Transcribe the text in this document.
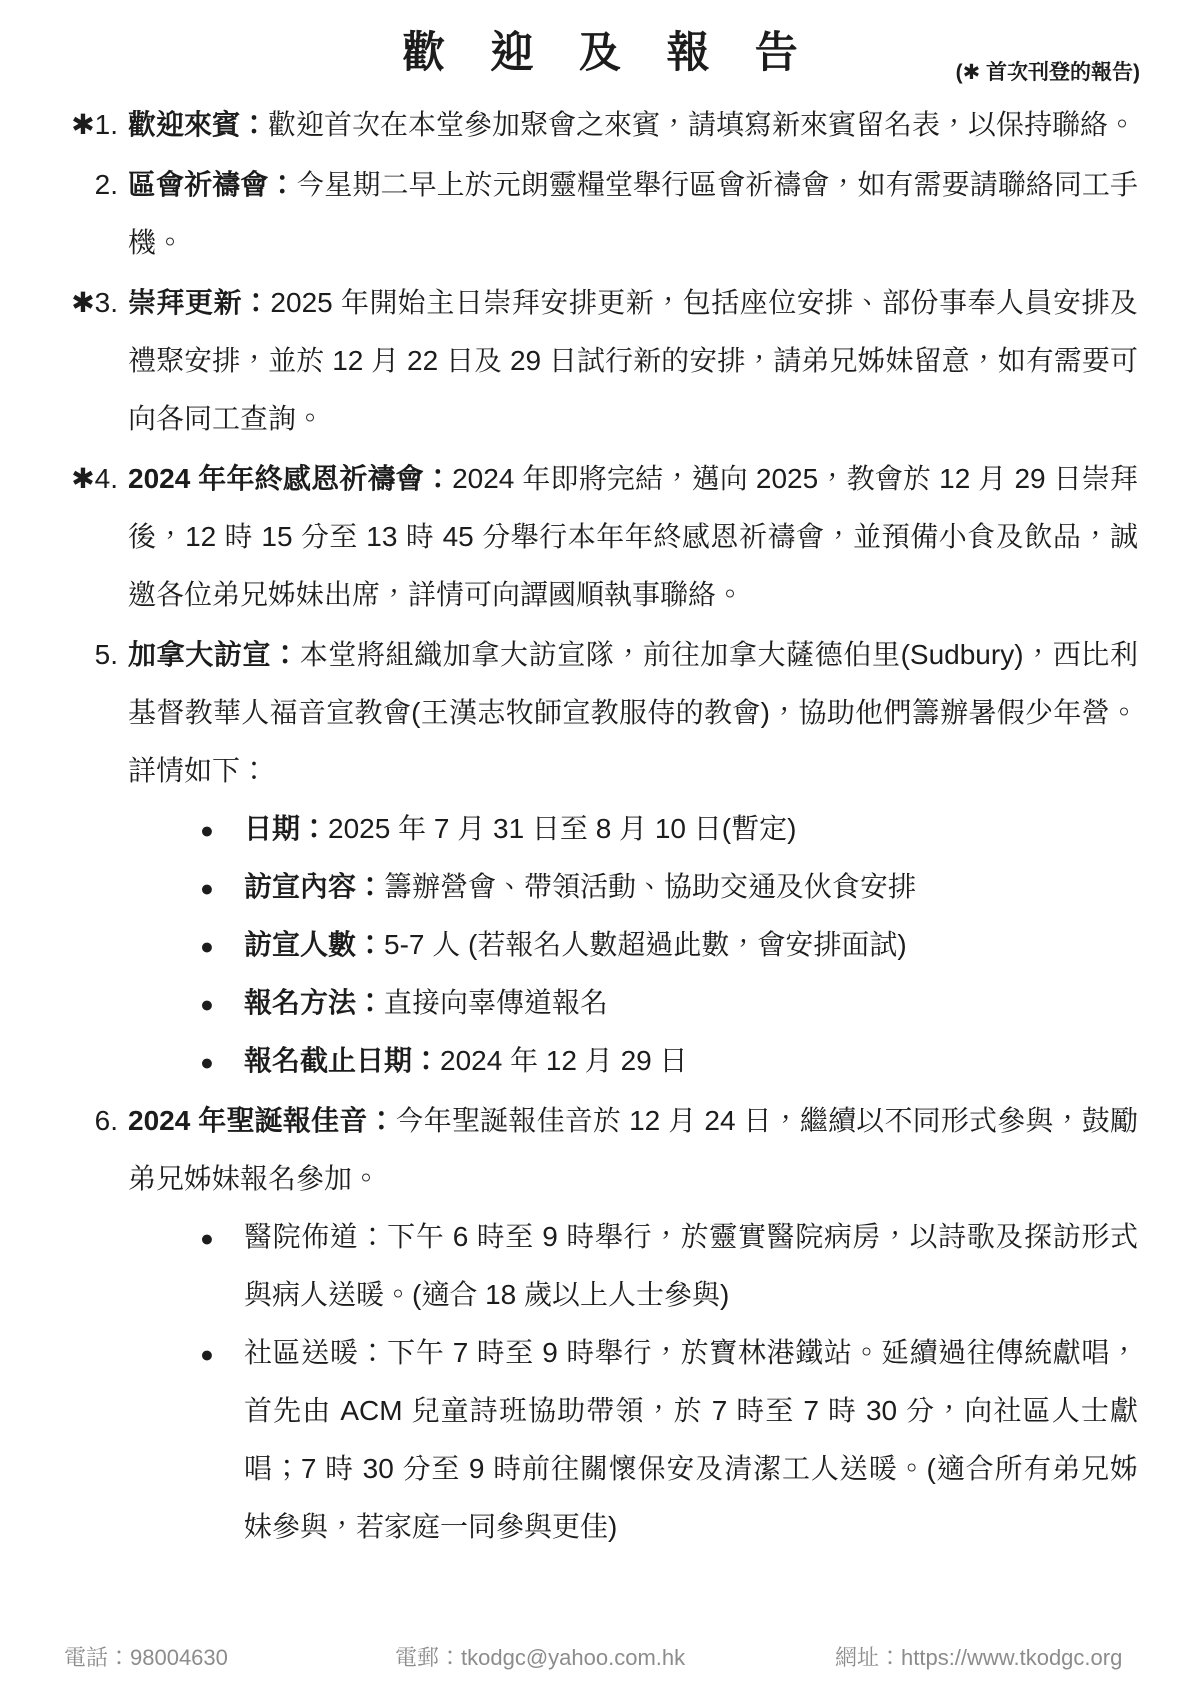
歡迎及報告	(✱ 首次刊登的報告)
✱1. 歡迎來賓：歡迎首次在本堂參加聚會之來賓，請填寫新來賓留名表，以保持聯絡。
2. 區會祈禱會：今星期二早上於元朗靈糧堂舉行區會祈禱會，如有需要請聯絡同工手機。
✱3. 崇拜更新：2025 年開始主日崇拜安排更新，包括座位安排、部份事奉人員安排及禮聚安排，並於 12 月 22 日及 29 日試行新的安排，請弟兄姊妹留意，如有需要可向各同工查詢。
✱4. 2024 年年終感恩祈禱會：2024 年即將完結，邁向 2025，教會於 12 月 29 日崇拜後，12 時 15 分至 13 時 45 分舉行本年年終感恩祈禱會，並預備小食及飲品，誠邀各位弟兄姊妹出席，詳情可向譚國順執事聯絡。
5. 加拿大訪宣：本堂將組織加拿大訪宣隊，前往加拿大薩德伯里(Sudbury)，西比利基督教華人福音宣教會(王漢志牧師宣教服侍的教會)，協助他們籌辦暑假少年營。詳情如下：
● 日期：2025 年 7 月 31 日至 8 月 10 日(暫定)
● 訪宣內容：籌辦營會、帶領活動、協助交通及伙食安排
● 訪宣人數：5-7 人 (若報名人數超過此數，會安排面試)
● 報名方法：直接向辜傳道報名
● 報名截止日期：2024 年 12 月 29 日
6. 2024 年聖誕報佳音：今年聖誕報佳音於 12 月 24 日，繼續以不同形式參與，鼓勵弟兄姊妹報名參加。
● 醫院佈道：下午 6 時至 9 時舉行，於靈實醫院病房，以詩歌及探訪形式與病人送暖。(適合 18 歲以上人士參與)
● 社區送暖：下午 7 時至 9 時舉行，於寶林港鐵站。延續過往傳統獻唱，首先由 ACM 兒童詩班協助帶領，於 7 時至 7 時 30 分，向社區人士獻唱；7 時 30 分至 9 時前往關懷保安及清潔工人送暖。(適合所有弟兄姊妹參與，若家庭一同參與更佳)
電話：98004630	電郵：tkodgc@yahoo.com.hk	網址：https://www.tkodgc.org
